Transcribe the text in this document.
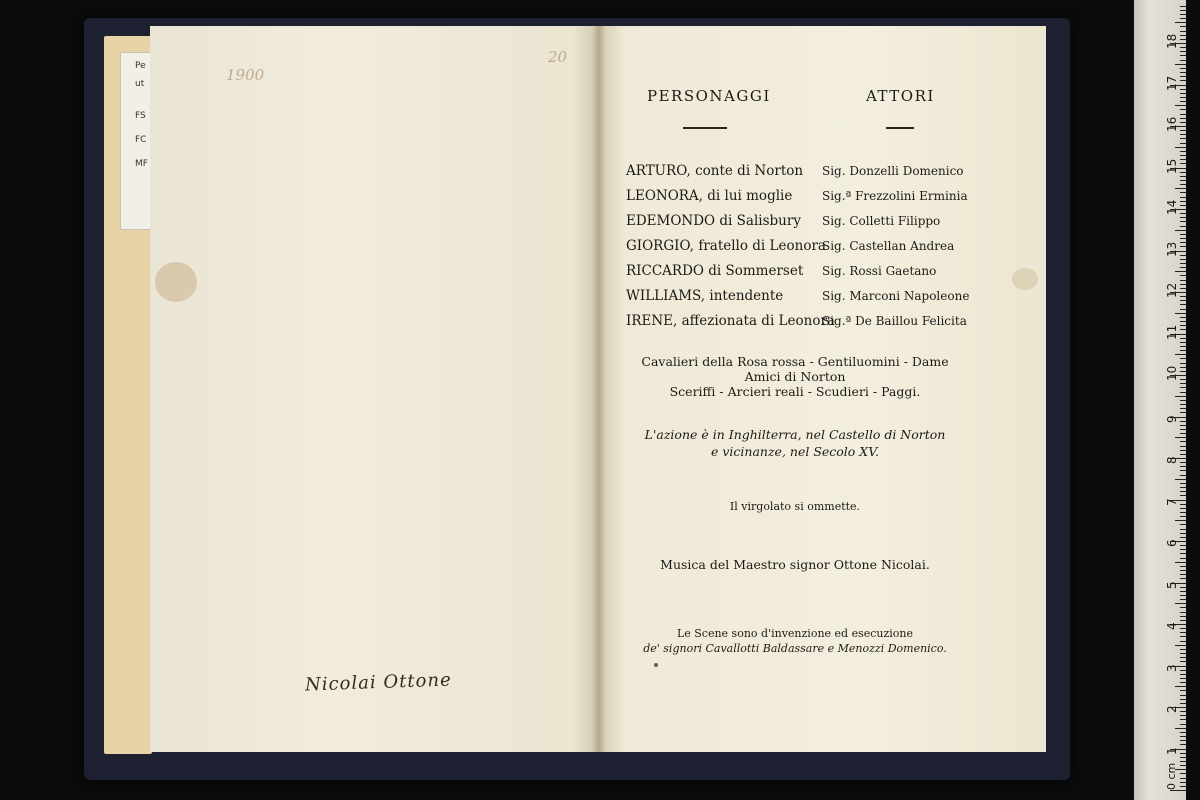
Pe
ut
FS
FC
MF
1900
Nicolai Ottone
20
PERSONAGGI	ATTORI
ARTURO, conte di Norton Sig. Donzelli Domenico
LEONORA, di lui moglie Sig.ª Frezzolini Erminia
EDEMONDO di Salisbury Sig. Colletti Filippo
GIORGIO, fratello di Leonora
Sig. Castellan Andrea
RICCARDO di Sommerset Sig. Rossi Gaetano
WILLIAMS, intendente	Sig. Marconi Napoleone
IRENE, affezionata di Leonora
Sig.ª De Baillou Felicita
Cavalieri della Rosa rossa - Gentiluomini - Dame
Amici di Norton
Sceriffi - Arcieri reali - Scudieri - Paggi.
L'azione è in Inghilterra, nel Castello di Norton
e vicinanze, nel Secolo XV.
Il virgolato si ommette.
Musica del Maestro signor Ottone Nicolai.
Le Scene sono d'invenzione ed esecuzione
de' signori Cavallotti Baldassare e Menozzi Domenico.
0 cm
1
2
3
4
5
6
7
8
9
10
11
12
13
14
15
16
17
18
